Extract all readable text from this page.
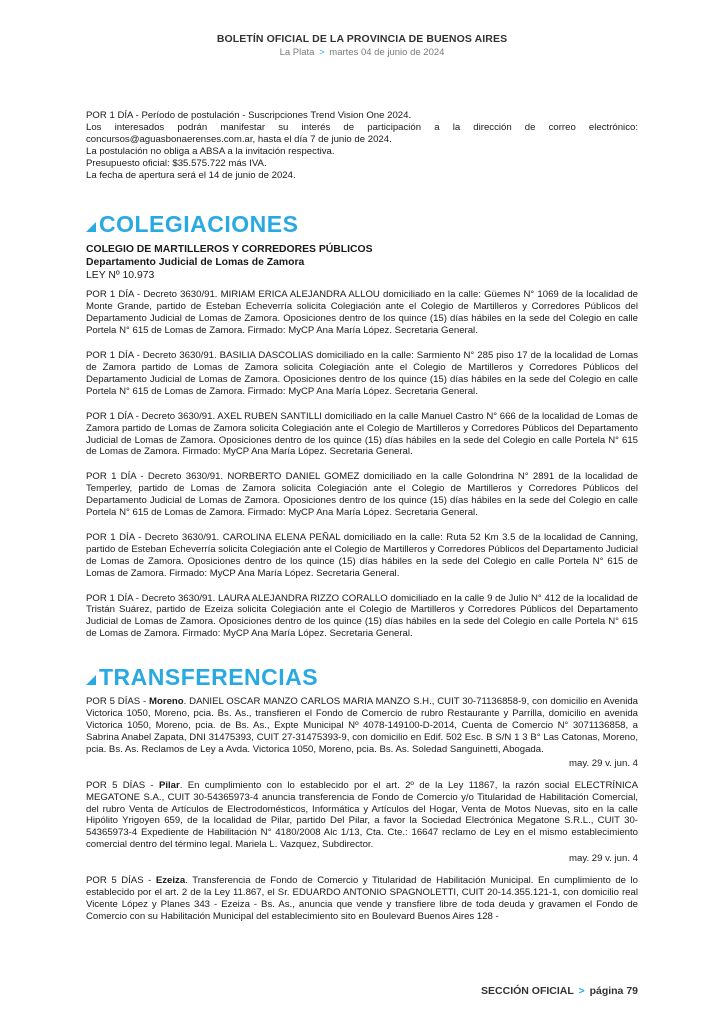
BOLETÍN OFICIAL DE LA PROVINCIA DE BUENOS AIRES
La Plata > martes 04 de junio de 2024

POR 1 DÍA - Período de postulación - Suscripciones Trend Vision One 2024.

Los interesados podrán manifestar su interés de participación a la dirección de correo electrónico: concursos@aguasbonaerenses.com.ar, hasta el día 7 de junio de 2024.

La postulación no obliga a ABSA a la invitación respectiva.

Presupuesto oficial: $35.575.722 más IVA.

La fecha de apertura será el 14 de junio de 2024.

COLEGIACIONES
COLEGIO DE MARTILLEROS Y CORREDORES PÚBLICOS
Departamento Judicial de Lomas de Zamora
LEY Nº 10.973

POR 1 DÍA - Decreto 3630/91. MIRIAM ERICA ALEJANDRA ALLOU domiciliado en la calle: Güemes N° 1069 de la localidad de Monte Grande, partido de Esteban Echeverría solicita Colegiación ante el Colegio de Martilleros y Corredores Públicos del Departamento Judicial de Lomas de Zamora. Oposiciones dentro de los quince (15) días hábiles en la sede del Colegio en calle Portela N° 615 de Lomas de Zamora. Firmado: MyCP Ana María López. Secretaria General.

POR 1 DÍA - Decreto 3630/91. BASILIA DASCOLIAS domiciliado en la calle: Sarmiento N° 285 piso 17 de la localidad de Lomas de Zamora partido de Lomas de Zamora solicita Colegiación ante el Colegio de Martilleros y Corredores Públicos del Departamento Judicial de Lomas de Zamora. Oposiciones dentro de los quince (15) días hábiles en la sede del Colegio en calle Portela N° 615 de Lomas de Zamora. Firmado: MyCP Ana María López. Secretaria General.

POR 1 DÍA - Decreto 3630/91. AXEL RUBEN SANTILLI domiciliado en la calle Manuel Castro N° 666 de la localidad de Lomas de Zamora partido de Lomas de Zamora solicita Colegiación ante el Colegio de Martilleros y Corredores Públicos del Departamento Judicial de Lomas de Zamora. Oposiciones dentro de los quince (15) días hábiles en la sede del Colegio en calle Portela N° 615 de Lomas de Zamora. Firmado: MyCP Ana María López. Secretaria General.

POR 1 DÍA - Decreto 3630/91. NORBERTO DANIEL GOMEZ domiciliado en la calle Golondrina N° 2891 de la localidad de Temperley, partido de Lomas de Zamora solicita Colegiación ante el Colegio de Martilleros y Corredores Públicos del Departamento Judicial de Lomas de Zamora. Oposiciones dentro de los quince (15) días hábiles en la sede del Colegio en calle Portela N° 615 de Lomas de Zamora. Firmado: MyCP Ana María López. Secretaria General.

POR 1 DÍA - Decreto 3630/91. CAROLINA ELENA PEÑAL domiciliado en la calle: Ruta 52 Km 3.5 de la localidad de Canning, partido de Esteban Echeverría solicita Colegiación ante el Colegio de Martilleros y Corredores Públicos del Departamento Judicial de Lomas de Zamora. Oposiciones dentro de los quince (15) días hábiles en la sede del Colegio en calle Portela N° 615 de Lomas de Zamora. Firmado: MyCP Ana María López. Secretaria General.

POR 1 DÍA - Decreto 3630/91. LAURA ALEJANDRA RIZZO CORALLO domiciliado en la calle 9 de Julio N° 412 de la localidad de Tristán Suárez, partido de Ezeiza solicita Colegiación ante el Colegio de Martilleros y Corredores Públicos del Departamento Judicial de Lomas de Zamora. Oposiciones dentro de los quince (15) días hábiles en la sede del Colegio en calle Portela N° 615 de Lomas de Zamora. Firmado: MyCP Ana María López. Secretaria General.

TRANSFERENCIAS

POR 5 DÍAS - Moreno. DANIEL OSCAR MANZO CARLOS MARIA MANZO S.H., CUIT 30-71136858-9, con domicilio en Avenida Victorica 1050, Moreno, pcia. Bs. As., transfieren el Fondo de Comercio de rubro Restaurante y Parrilla, domicilio en avenida Victorica 1050, Moreno, pcia. de Bs. As., Expte Municipal Nº 4078-149100-D-2014, Cuenta de Comercio N° 3071136858, a Sabrina Anabel Zapata, DNI 31475393, CUIT 27-31475393-9, con domicilio en Edif. 502 Esc. B S/N 1 3 B° Las Catonas, Moreno, pcia. Bs. As. Reclamos de Ley a Avda. Victorica 1050, Moreno, pcia. Bs. As. Soledad Sanguinetti, Abogada.

may. 29 v. jun. 4

POR 5 DÍAS - Pilar. En cumplimiento con lo establecido por el art. 2º de la Ley 11867, la razón social ELECTRÍNICA MEGATONE S.A., CUIT 30-54365973-4 anuncia transferencia de Fondo de Comercio y/o Titularidad de Habilitación Comercial, del rubro Venta de Artículos de Electrodomésticos, Informática y Artículos del Hogar, Venta de Motos Nuevas, sito en la calle Hipólito Yrigoyen 659, de la localidad de Pilar, partido Del Pilar, a favor la Sociedad Electrónica Megatone S.R.L., CUIT 30-54365973-4 Expediente de Habilitación N° 4180/2008 Alc 1/13, Cta. Cte.: 16647 reclamo de Ley en el mismo establecimiento comercial dentro del término legal. Mariela L. Vazquez, Subdirector.

may. 29 v. jun. 4

POR 5 DÍAS - Ezeiza. Transferencia de Fondo de Comercio y Titularidad de Habilitación Municipal. En cumplimiento de lo establecido por el art. 2 de la Ley 11.867, el Sr. EDUARDO ANTONIO SPAGNOLETTI, CUIT 20-14.355.121-1, con domicilio real Vicente López y Planes 343 - Ezeiza - Bs. As., anuncia que vende y transfiere libre de toda deuda y gravamen el Fondo de Comercio con su Habilitación Municipal del establecimiento sito en Boulevard Buenos Aires 128 -

SECCIÓN OFICIAL > página 79
